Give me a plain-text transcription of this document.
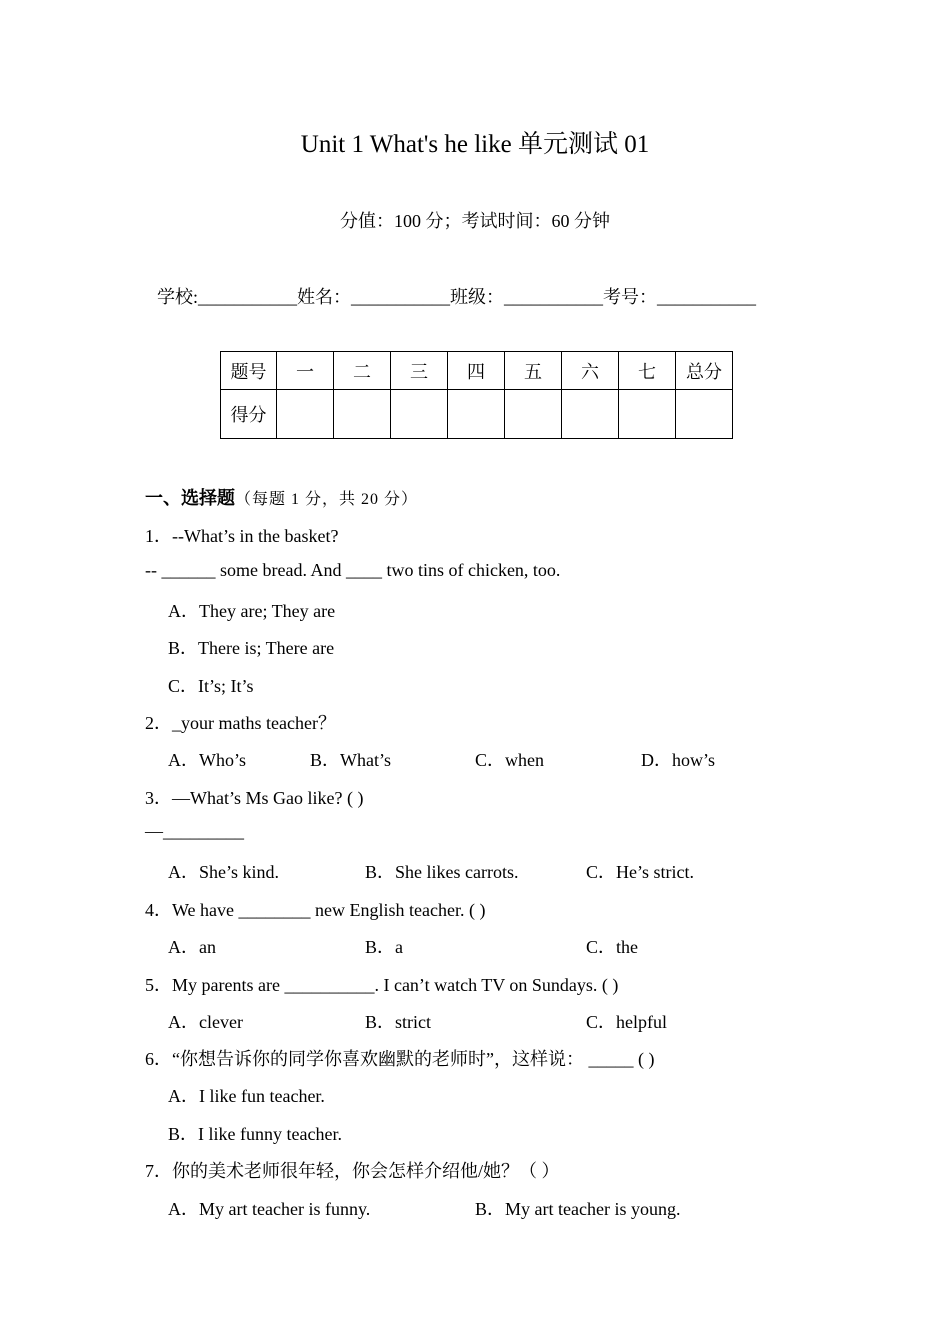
Unit 1 What's he like 单元测试 01
分值：100 分；考试时间：60 分钟
学校:___________姓名：___________班级：___________考号：___________
题号	一	二	三	四	五	六	七	总分
得分								
一、选择题（每题 1 分，共 20 分）
1．--What’s in the basket?
-- ______ some bread. And ____ two tins of chicken, too.
A．They are; They are
B．There is; There are
C．It’s; It’s
2．_your maths teacher？
A．Who’s	B．What’s	C．when	D．how’s
3．—What’s Ms Gao like? ( )
—_________
A．She’s kind.	B．She likes carrots.	C．He’s strict.
4．We have ________ new English teacher. ( )
A．an	B．a	C．the
5．My parents are __________. I can’t watch TV on Sundays. ( )
A．clever	B．strict	C．helpful
6．“你想告诉你的同学你喜欢幽默的老师时”，这样说： _____ ( )
A．I like fun teacher.
B．I like funny teacher.
7．你的美术老师很年轻，你会怎样介绍他/她？（ ）
A．My art teacher is funny.	B．My art teacher is young.
